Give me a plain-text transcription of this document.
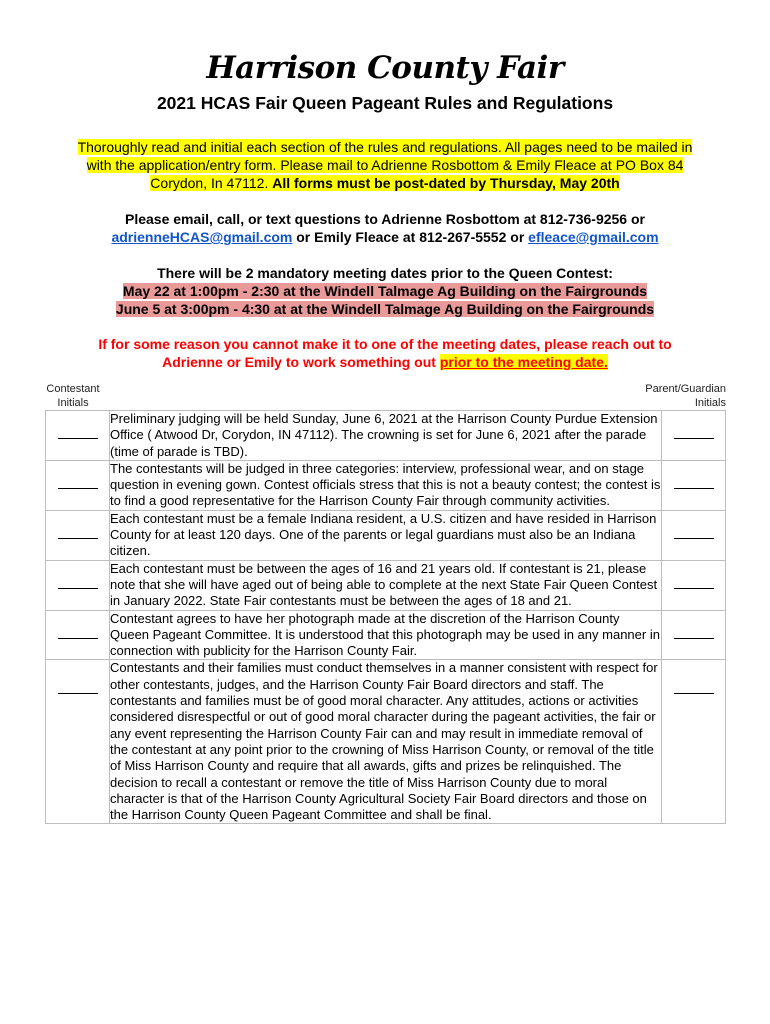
Harrison County Fair
2021 HCAS Fair Queen Pageant Rules and Regulations
Thoroughly read and initial each section of the rules and regulations. All pages need to be mailed in
with the application/entry form. Please mail to Adrienne Rosbottom & Emily Fleace at PO Box 84
Corydon, In 47112. All forms must be post-dated by Thursday, May 20th
Please email, call, or text questions to Adrienne Rosbottom at 812-736-9256 or
adrienneHCAS@gmail.com or Emily Fleace at 812-267-5552 or efleace@gmail.com
There will be 2 mandatory meeting dates prior to the Queen Contest:
May 22 at 1:00pm - 2:30 at the Windell Talmage Ag Building on the Fairgrounds
June 5 at 3:00pm - 4:30 at at the Windell Talmage Ag Building on the Fairgrounds
If for some reason you cannot make it to one of the meeting dates, please reach out to
Adrienne or Emily to work something out prior to the meeting date.
Contestant
Initials
Parent/Guardian
Initials
	Preliminary judging will be held Sunday, June 6, 2021 at the Harrison County Purdue Extension Office ( Atwood Dr, Corydon, IN 47112). The crowning is set for June 6, 2021 after the parade (time of parade is TBD).	
	The contestants will be judged in three categories: interview, professional wear, and on stage question in evening gown. Contest officials stress that this is not a beauty contest; the contest is to find a good representative for the Harrison County Fair through community activities.	
	Each contestant must be a female Indiana resident, a U.S. citizen and have resided in Harrison County for at least 120 days. One of the parents or legal guardians must also be an Indiana citizen.	
	Each contestant must be between the ages of 16 and 21 years old. If contestant is 21, please note that she will have aged out of being able to complete at the next State Fair Queen Contest in January 2022. State Fair contestants must be between the ages of 18 and 21.	
	Contestant agrees to have her photograph made at the discretion of the Harrison County Queen Pageant Committee. It is understood that this photograph may be used in any manner in connection with publicity for the Harrison County Fair.	
	Contestants and their families must conduct themselves in a manner consistent with respect for other contestants, judges, and the Harrison County Fair Board directors and staff. The contestants and families must be of good moral character. Any attitudes, actions or activities considered disrespectful or out of good moral character during the pageant activities, the fair or any event representing the Harrison County Fair can and may result in immediate removal of the contestant at any point prior to the crowning of Miss Harrison County, or removal of the title of Miss Harrison County and require that all awards, gifts and prizes be relinquished. The decision to recall a contestant or remove the title of Miss Harrison County due to moral character is that of the Harrison County Agricultural Society Fair Board directors and those on the Harrison County Queen Pageant Committee and shall be final.	
